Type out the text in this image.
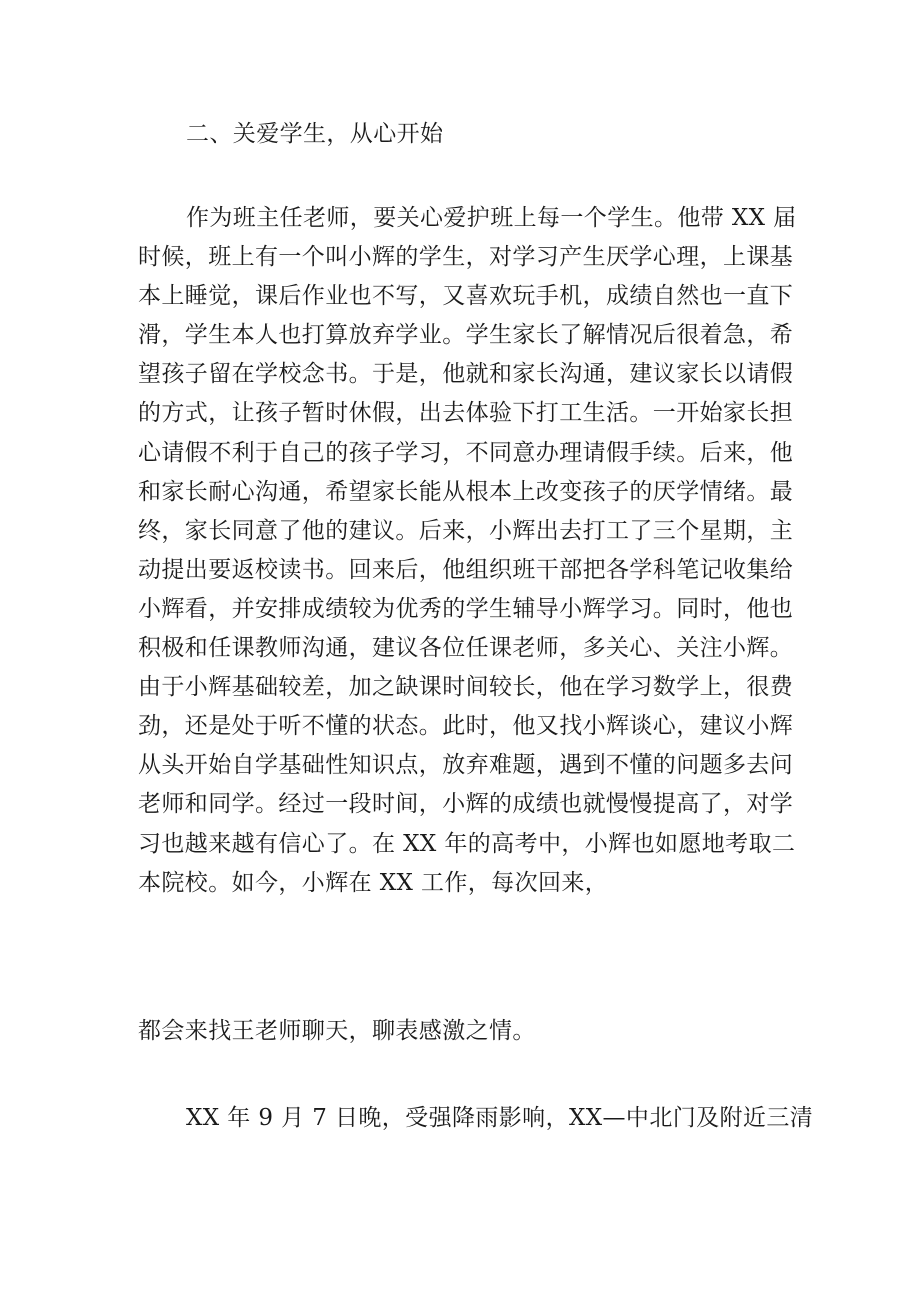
二、关爱学生，从心开始

作为班主任老师，要关心爱护班上每一个学生。他带 XX 届
时候，班上有一个叫小辉的学生，对学习产生厌学心理，上课基
本上睡觉，课后作业也不写，又喜欢玩手机，成绩自然也一直下
滑，学生本人也打算放弃学业。学生家长了解情况后很着急，希
望孩子留在学校念书。于是，他就和家长沟通，建议家长以请假
的方式，让孩子暂时休假，出去体验下打工生活。一开始家长担
心请假不利于自己的孩子学习，不同意办理请假手续。后来，他
和家长耐心沟通，希望家长能从根本上改变孩子的厌学情绪。最
终，家长同意了他的建议。后来，小辉出去打工了三个星期，主
动提出要返校读书。回来后，他组织班干部把各学科笔记收集给
小辉看，并安排成绩较为优秀的学生辅导小辉学习。同时，他也
积极和任课教师沟通，建议各位任课老师，多关心、关注小辉。
由于小辉基础较差，加之缺课时间较长，他在学习数学上，很费
劲，还是处于听不懂的状态。此时，他又找小辉谈心，建议小辉
从头开始自学基础性知识点，放弃难题，遇到不懂的问题多去问
老师和同学。经过一段时间，小辉的成绩也就慢慢提高了，对学
习也越来越有信心了。在 XX 年的高考中，小辉也如愿地考取二
本院校。如今，小辉在 XX 工作，每次回来，

都会来找王老师聊天，聊表感激之情。

XX 年 9 月 7 日晚，受强降雨影响，XX—中北门及附近三清
